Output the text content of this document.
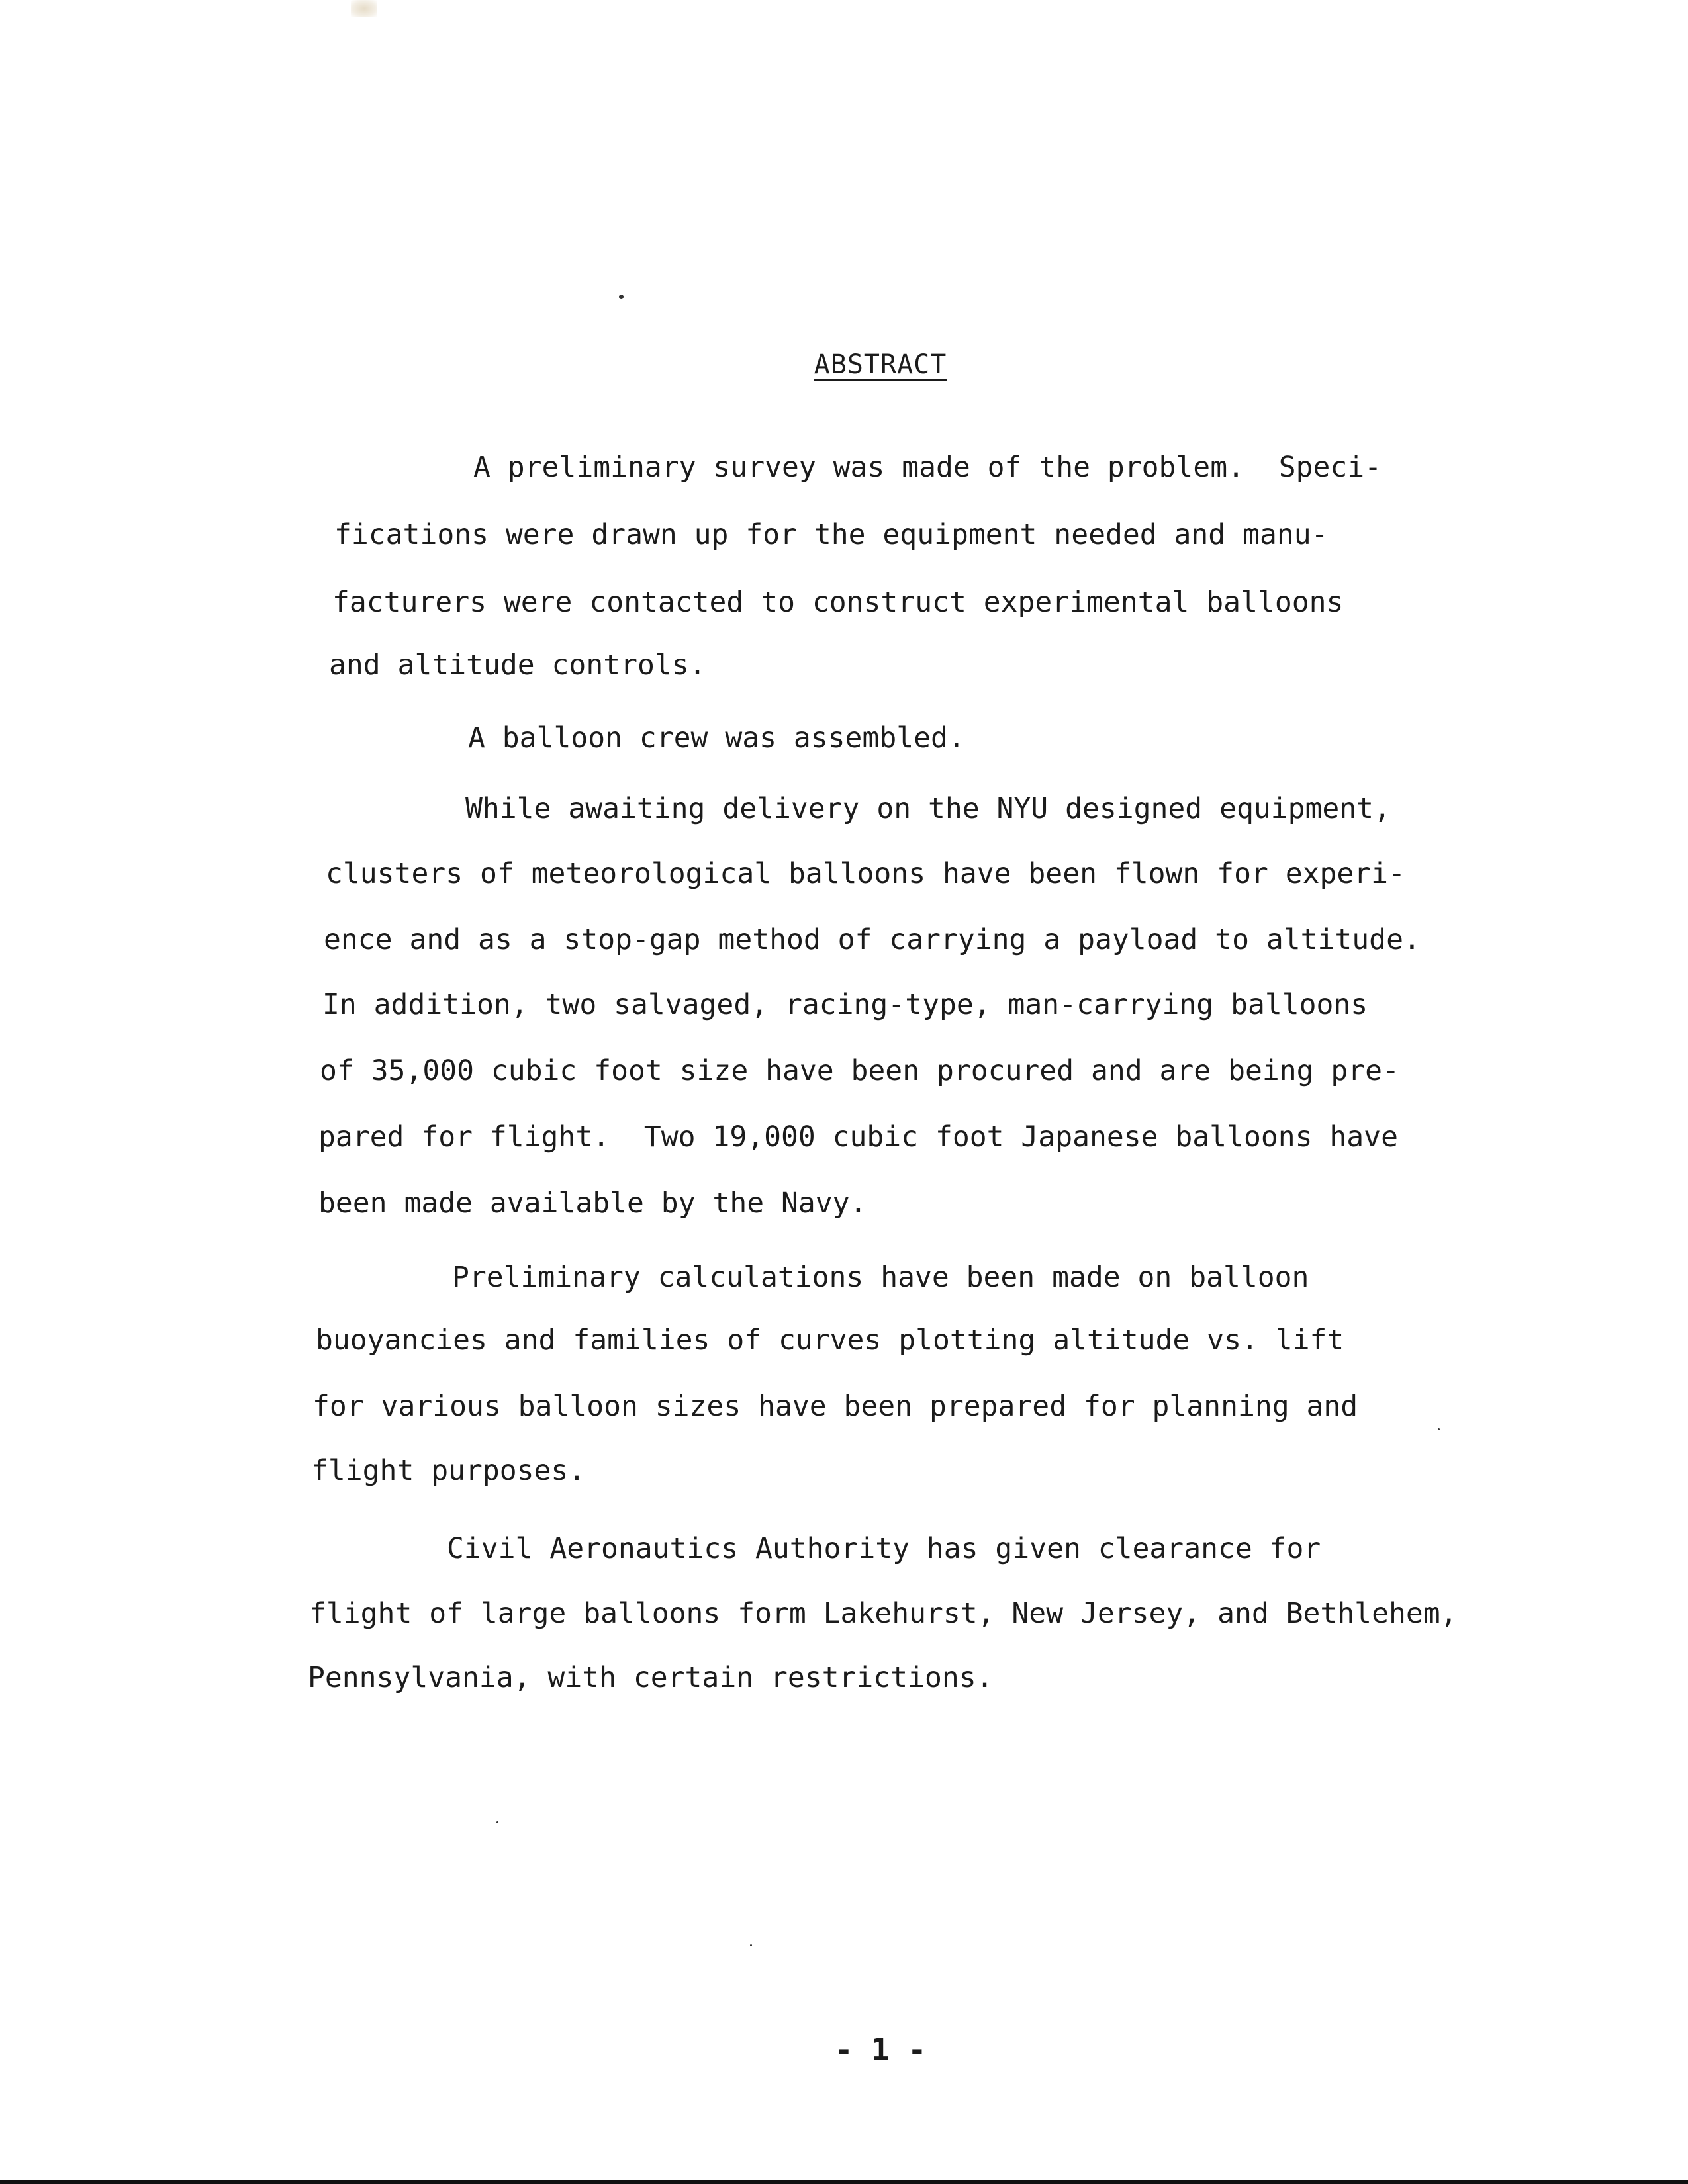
ABSTRACT

A preliminary survey was made of the problem.  Speci-

fications were drawn up for the equipment needed and manu-

facturers were contacted to construct experimental balloons

and altitude controls.

A balloon crew was assembled.

While awaiting delivery on the NYU designed equipment,

clusters of meteorological balloons have been flown for experi-

ence and as a stop-gap method of carrying a payload to altitude.

In addition, two salvaged, racing-type, man-carrying balloons

of 35,000 cubic foot size have been procured and are being pre-

pared for flight.  Two 19,000 cubic foot Japanese balloons have

been made available by the Navy.

Preliminary calculations have been made on balloon

buoyancies and families of curves plotting altitude vs. lift

for various balloon sizes have been prepared for planning and

flight purposes.

Civil Aeronautics Authority has given clearance for

flight of large balloons form Lakehurst, New Jersey, and Bethlehem,

Pennsylvania, with certain restrictions.

- 1 -
